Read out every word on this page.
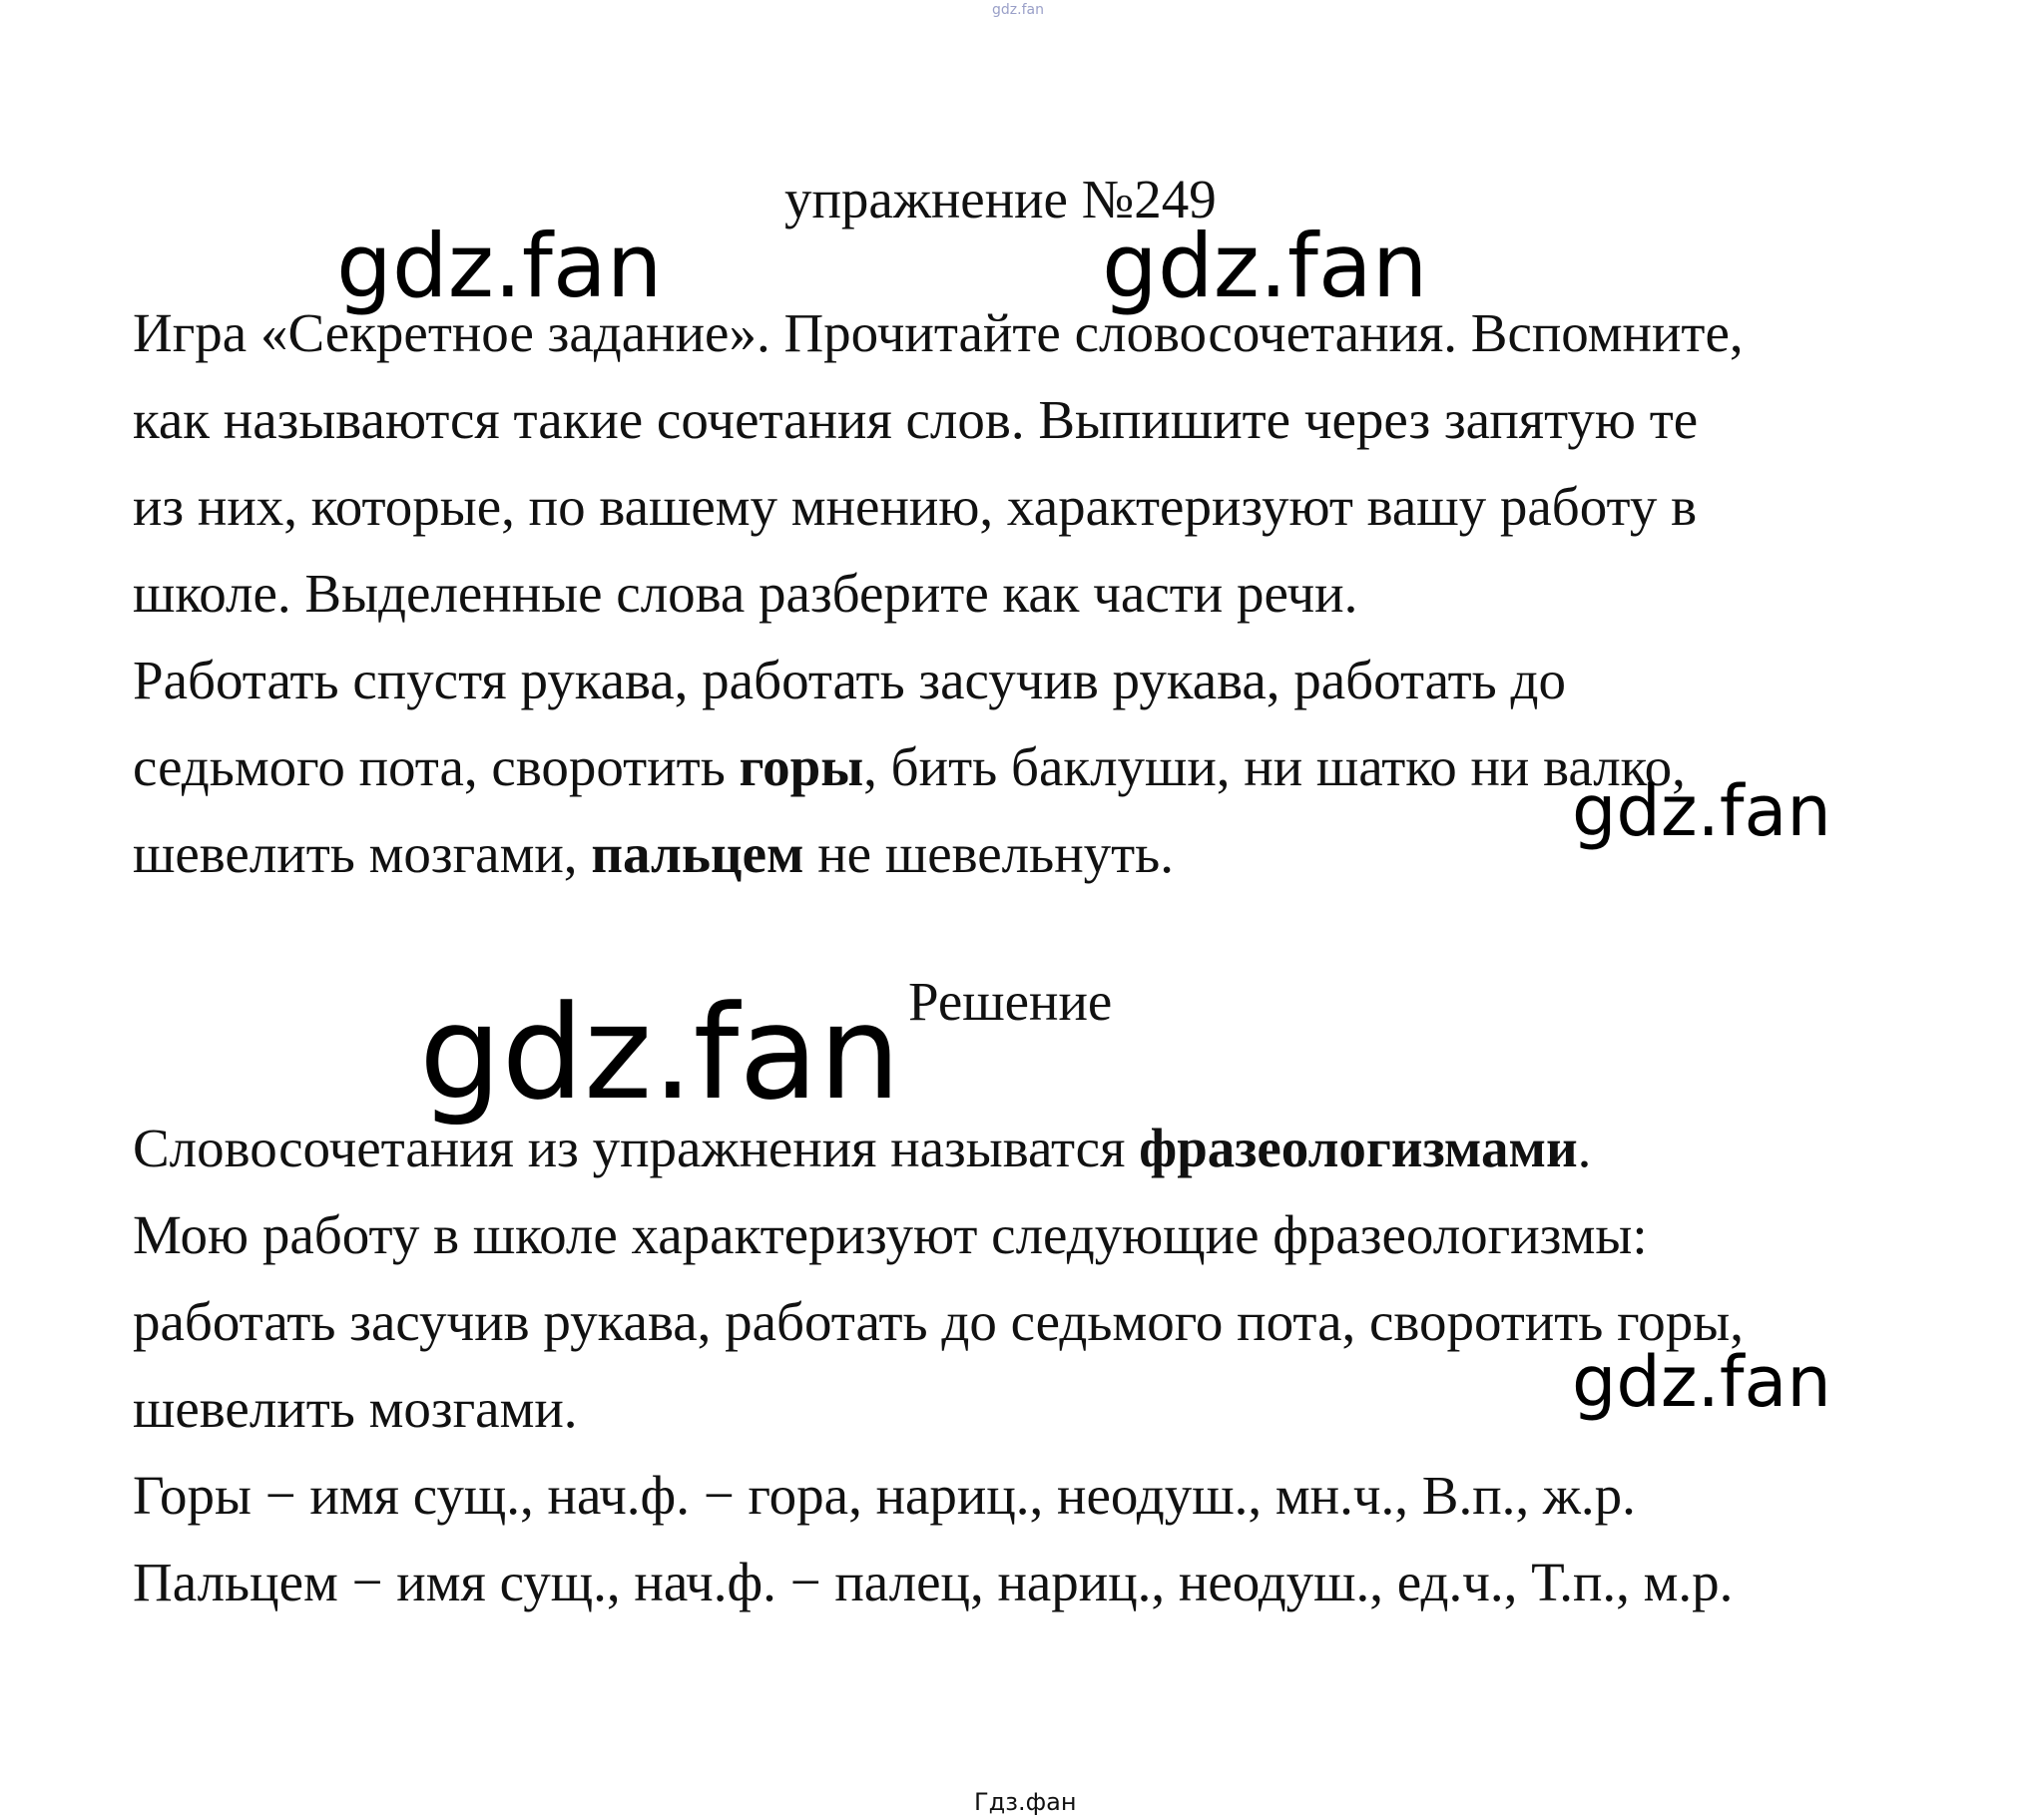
gdz.fan
упражнение №249
Игра «Секретное задание». Прочитайте словосочетания. Вспомните,
как называются такие сочетания слов. Выпишите через запятую те
из них, которые, по вашему мнению, характеризуют вашу работу в
школе. Выделенные слова разберите как части речи.
Работать спустя рукава, работать засучив рукава, работать до
седьмого пота, своротить горы, бить баклуши, ни шатко ни валко,
шевелить мозгами, пальцем не шевельнуть.
Решение
Словосочетания из упражнения называтся фразеологизмами.
Мою работу в школе характеризуют следующие фразеологизмы:
работать засучив рукава, работать до седьмого пота, своротить горы,
шевелить мозгами.
Горы − имя сущ., нач.ф. − гора, нариц., неодуш., мн.ч., В.п., ж.р.
Пальцем − имя сущ., нач.ф. − палец, нариц., неодуш., ед.ч., Т.п., м.р.
gdz.fan	gdz.fan
gdz.fan
gdz.fan
gdz.fan
Гдз.фан
